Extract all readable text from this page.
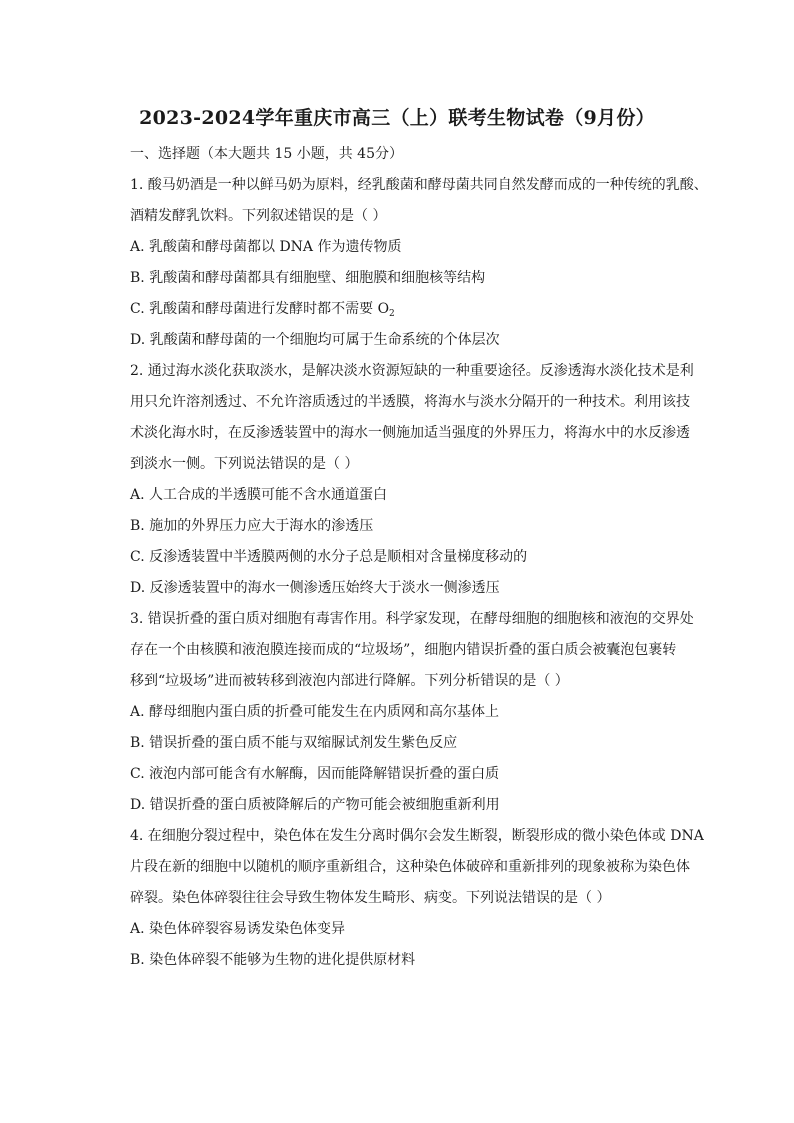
2023-2024学年重庆市高三（上）联考生物试卷（9月份）
一、选择题（本大题共 15 小题，共 45分）
1. 酸马奶酒是一种以鲜马奶为原料，经乳酸菌和酵母菌共同自然发酵而成的一种传统的乳酸、
酒精发酵乳饮料。下列叙述错误的是（ ）
A. 乳酸菌和酵母菌都以 DNA 作为遗传物质
B. 乳酸菌和酵母菌都具有细胞壁、细胞膜和细胞核等结构
C. 乳酸菌和酵母菌进行发酵时都不需要 $O_2$
D. 乳酸菌和酵母菌的一个细胞均可属于生命系统的个体层次
2. 通过海水淡化获取淡水，是解决淡水资源短缺的一种重要途径。反渗透海水淡化技术是利
用只允许溶剂透过、不允许溶质透过的半透膜，将海水与淡水分隔开的一种技术。利用该技
术淡化海水时，在反渗透装置中的海水一侧施加适当强度的外界压力，将海水中的水反渗透
到淡水一侧。下列说法错误的是（ ）
A. 人工合成的半透膜可能不含水通道蛋白
B. 施加的外界压力应大于海水的渗透压
C. 反渗透装置中半透膜两侧的水分子总是顺相对含量梯度移动的
D. 反渗透装置中的海水一侧渗透压始终大于淡水一侧渗透压
3. 错误折叠的蛋白质对细胞有毒害作用。科学家发现，在酵母细胞的细胞核和液泡的交界处
存在一个由核膜和液泡膜连接而成的“垃圾场”，细胞内错误折叠的蛋白质会被囊泡包裹转
移到“垃圾场”进而被转移到液泡内部进行降解。下列分析错误的是（ ）
A. 酵母细胞内蛋白质的折叠可能发生在内质网和高尔基体上
B. 错误折叠的蛋白质不能与双缩脲试剂发生紫色反应
C. 液泡内部可能含有水解酶，因而能降解错误折叠的蛋白质
D. 错误折叠的蛋白质被降解后的产物可能会被细胞重新利用
4. 在细胞分裂过程中，染色体在发生分离时偶尔会发生断裂，断裂形成的微小染色体或 DNA
片段在新的细胞中以随机的顺序重新组合，这种染色体破碎和重新排列的现象被称为染色体
碎裂。染色体碎裂往往会导致生物体发生畸形、病变。下列说法错误的是（ ）
A. 染色体碎裂容易诱发染色体变异
B. 染色体碎裂不能够为生物的进化提供原材料
